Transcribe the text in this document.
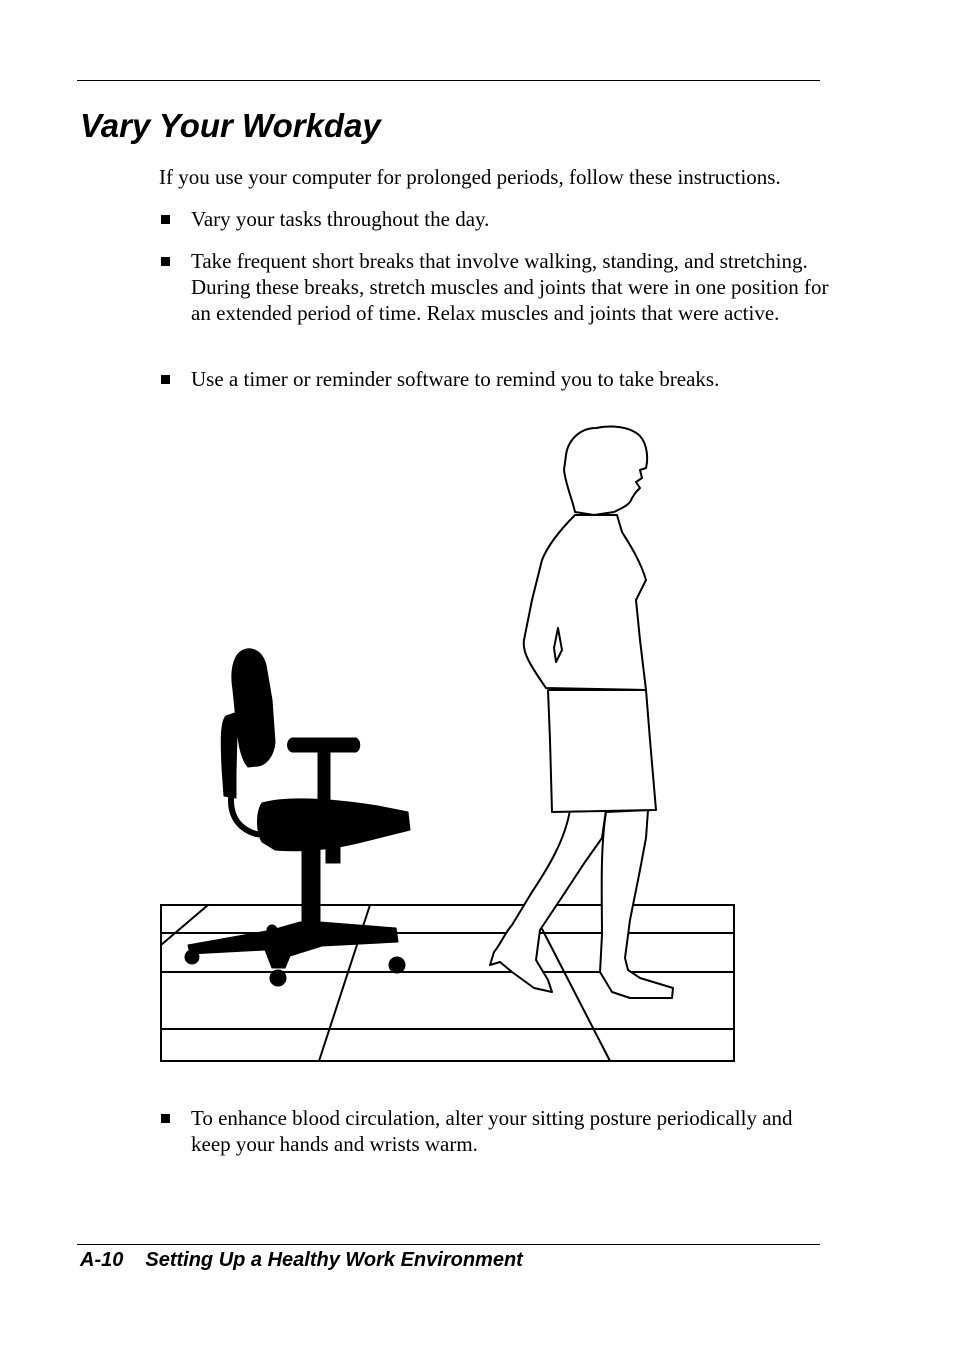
Vary Your Workday

If you use your computer for prolonged periods, follow these instructions.

Vary your tasks throughout the day.
Take frequent short breaks that involve walking, standing, and stretching. During these breaks, stretch muscles and joints that were in one position for an extended period of time. Relax muscles and joints that were active.
Use a timer or reminder software to remind you to take breaks.
To enhance blood circulation, alter your sitting posture periodically and keep your hands and wrists warm.
A-10 Setting Up a Healthy Work Environment
